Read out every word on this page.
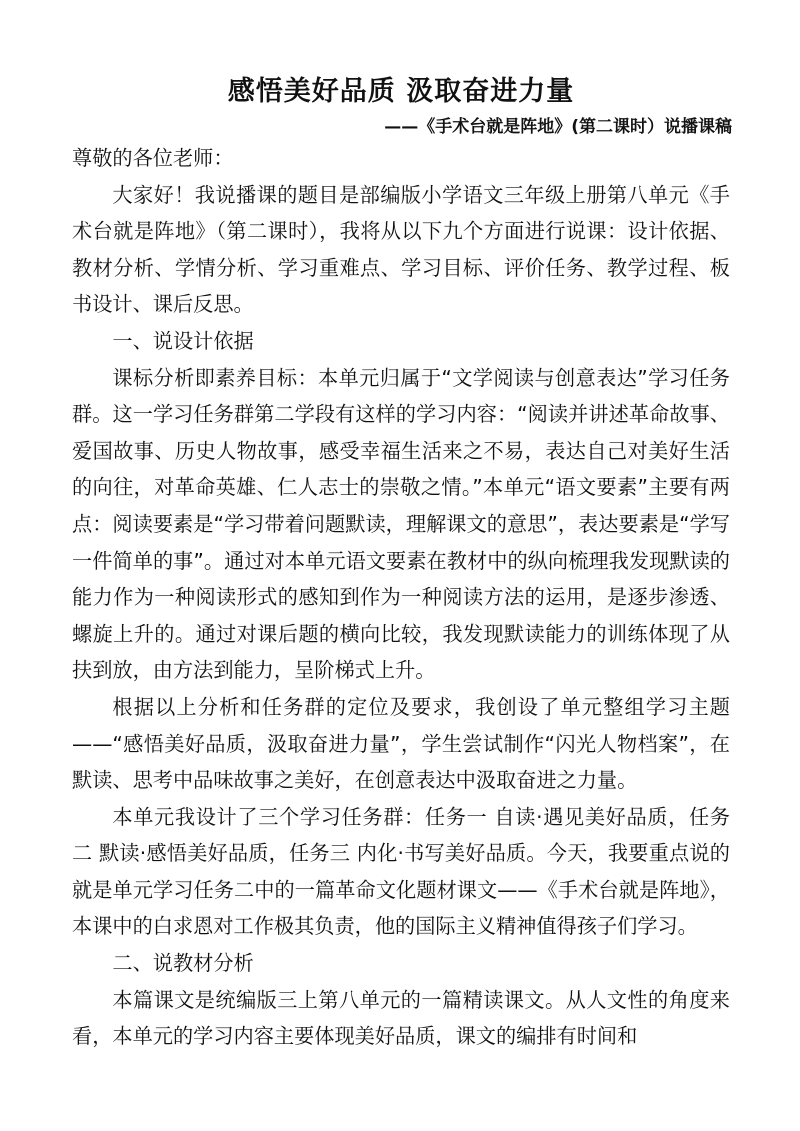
感悟美好品质 汲取奋进力量
——《手术台就是阵地》(第二课时）说播课稿

尊敬的各位老师：

大家好！我说播课的题目是部编版小学语文三年级上册第八单元《手术台就是阵地》（第二课时），我将从以下九个方面进行说课：设计依据、教材分析、学情分析、学习重难点、学习目标、评价任务、教学过程、板书设计、课后反思。

一、说设计依据

课标分析即素养目标：本单元归属于“文学阅读与创意表达”学习任务群。这一学习任务群第二学段有这样的学习内容：“阅读并讲述革命故事、爱国故事、历史人物故事，感受幸福生活来之不易，表达自己对美好生活的向往，对革命英雄、仁人志士的崇敬之情。”本单元“语文要素”主要有两点：阅读要素是“学习带着问题默读，理解课文的意思”，表达要素是“学写一件简单的事”。通过对本单元语文要素在教材中的纵向梳理我发现默读的能力作为一种阅读形式的感知到作为一种阅读方法的运用，是逐步渗透、螺旋上升的。通过对课后题的横向比较，我发现默读能力的训练体现了从扶到放，由方法到能力，呈阶梯式上升。

根据以上分析和任务群的定位及要求，我创设了单元整组学习主题——“感悟美好品质，汲取奋进力量”，学生尝试制作“闪光人物档案”，在默读、思考中品味故事之美好，在创意表达中汲取奋进之力量。

本单元我设计了三个学习任务群：任务一 自读·遇见美好品质，任务二 默读·感悟美好品质，任务三 内化·书写美好品质。今天，我要重点说的就是单元学习任务二中的一篇革命文化题材课文——《手术台就是阵地》，本课中的白求恩对工作极其负责，他的国际主义精神值得孩子们学习。

二、说教材分析

本篇课文是统编版三上第八单元的一篇精读课文。从人文性的角度来看，本单元的学习内容主要体现美好品质，课文的编排有时间和
